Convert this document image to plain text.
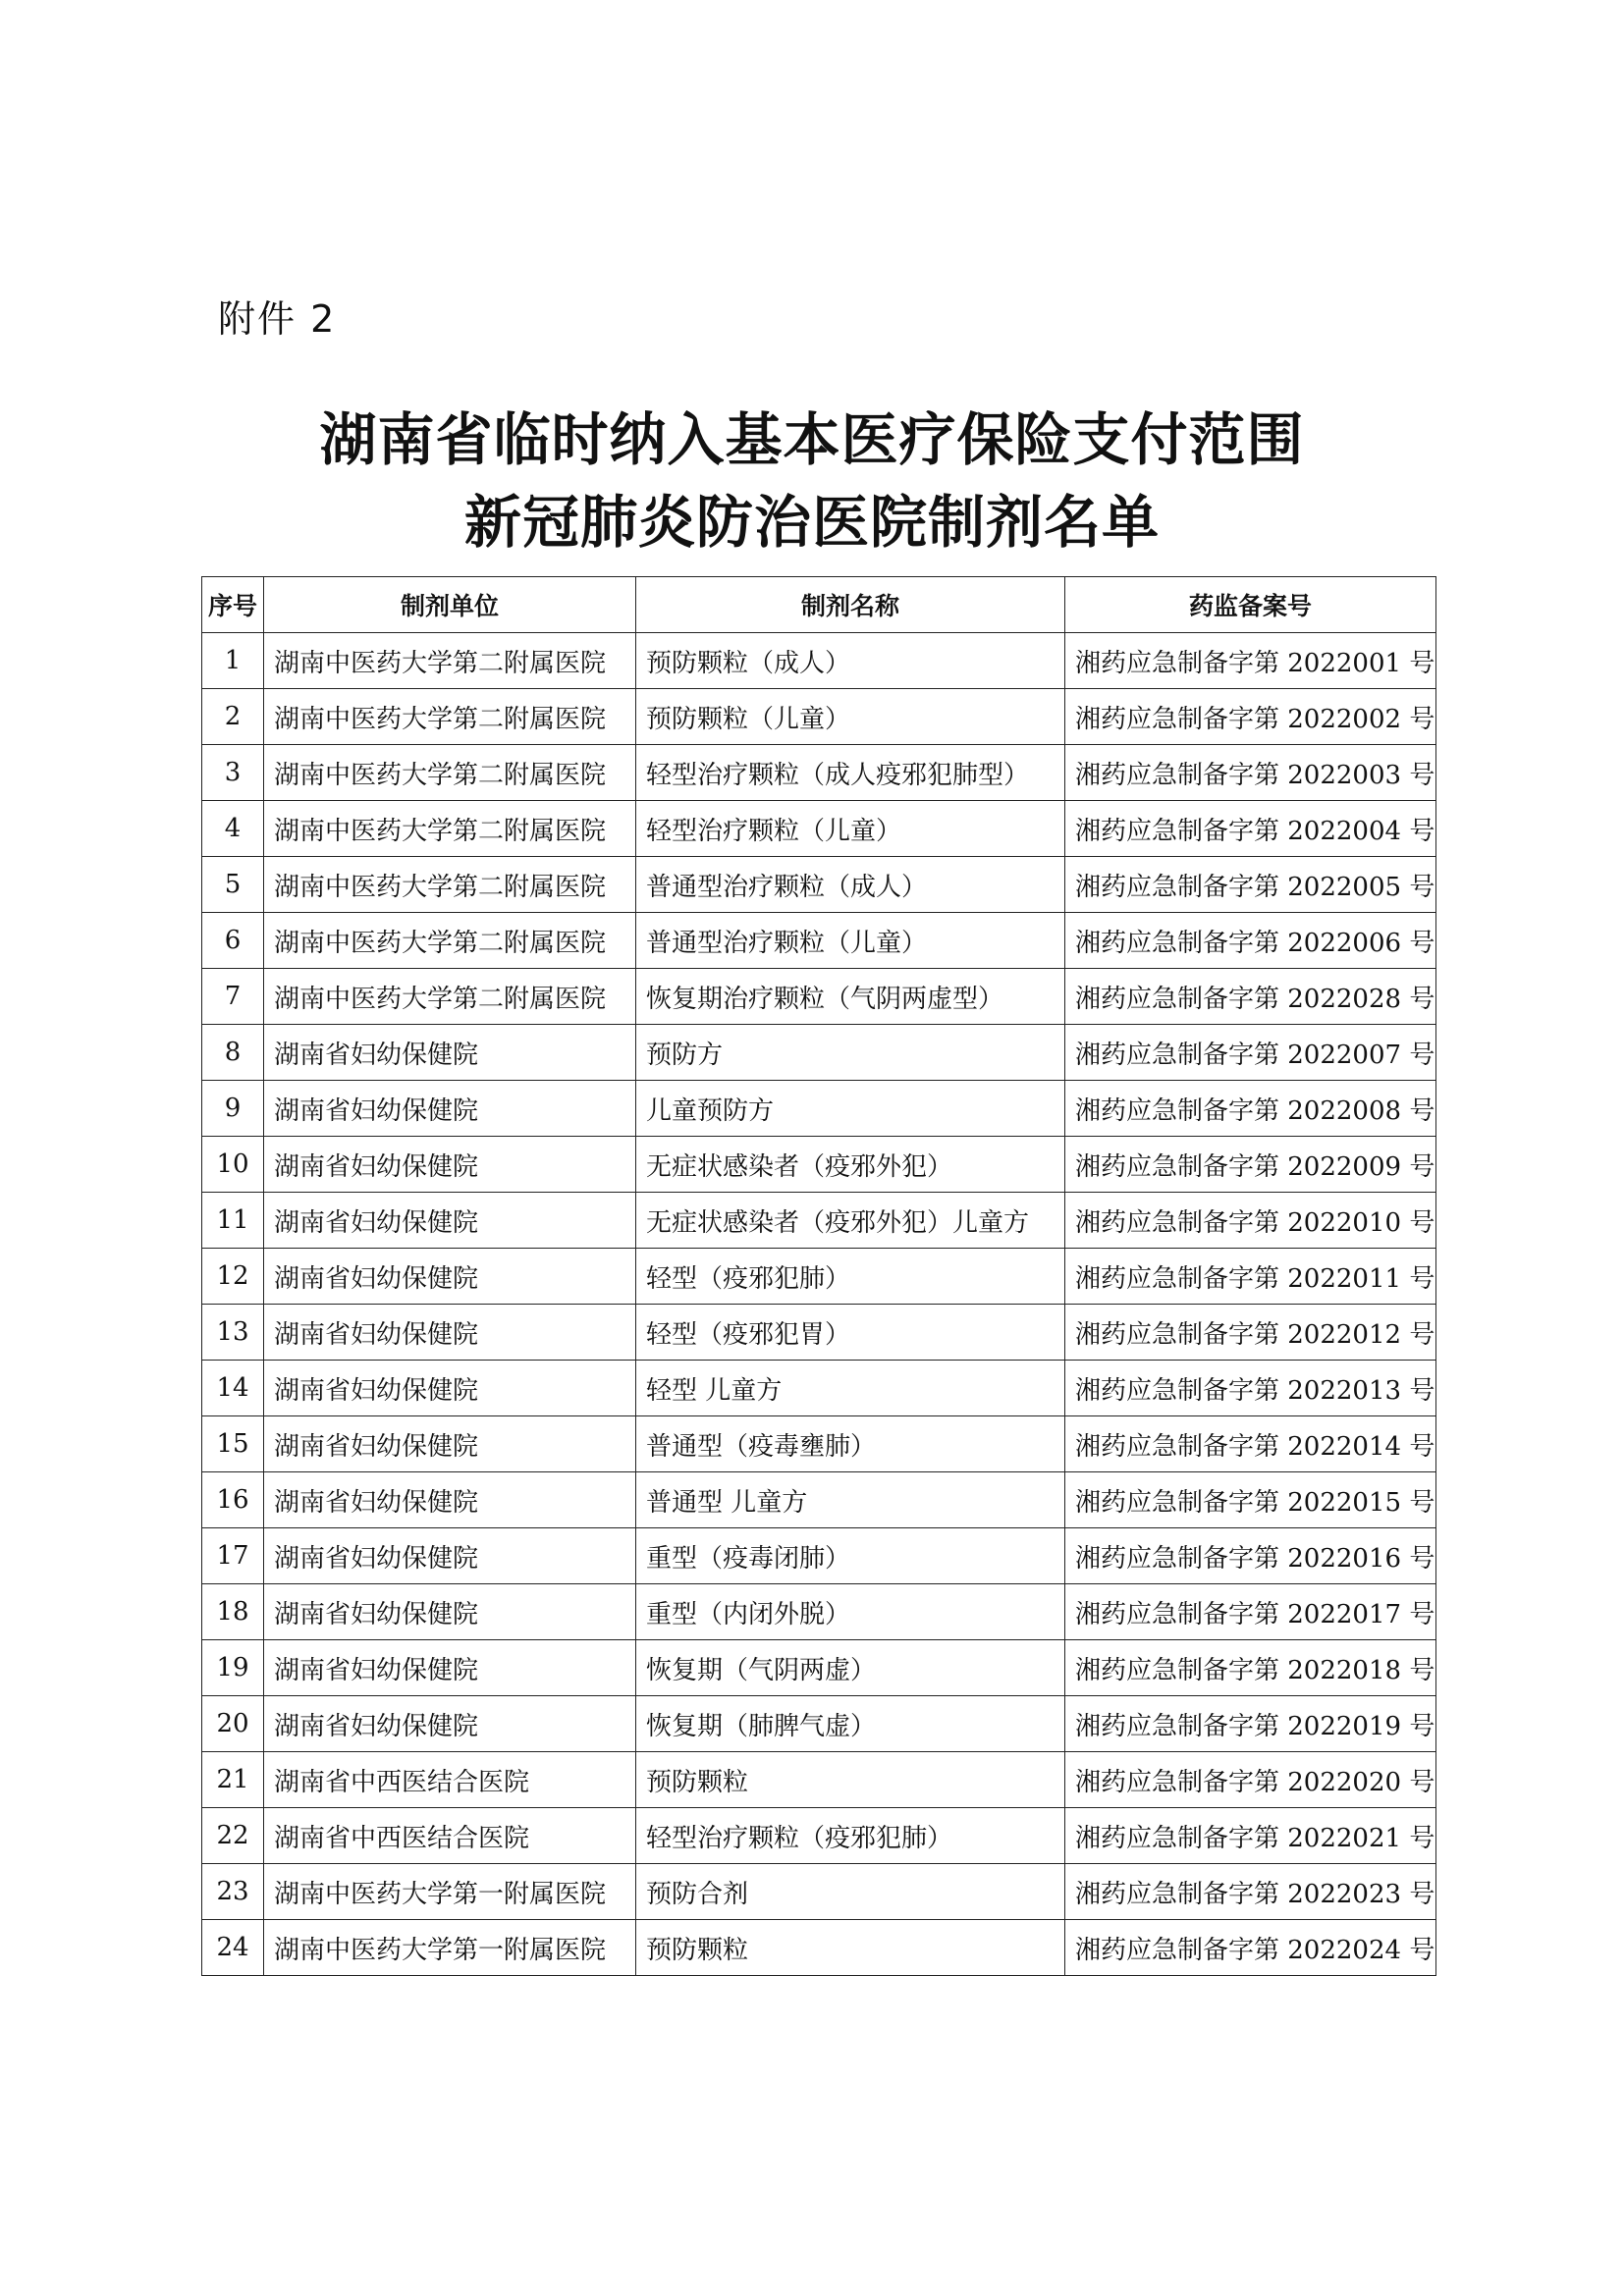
附件 2

湖南省临时纳入基本医疗保险支付范围
新冠肺炎防治医院制剂名单
序号	制剂单位	制剂名称	药监备案号
1	湖南中医药大学第二附属医院	预防颗粒（成人）	湘药应急制备字第 2022001 号
2	湖南中医药大学第二附属医院	预防颗粒（儿童）	湘药应急制备字第 2022002 号
3	湖南中医药大学第二附属医院	轻型治疗颗粒（成人疫邪犯肺型）	湘药应急制备字第 2022003 号
4	湖南中医药大学第二附属医院	轻型治疗颗粒（儿童）	湘药应急制备字第 2022004 号
5	湖南中医药大学第二附属医院	普通型治疗颗粒（成人）	湘药应急制备字第 2022005 号
6	湖南中医药大学第二附属医院	普通型治疗颗粒（儿童）	湘药应急制备字第 2022006 号
7	湖南中医药大学第二附属医院	恢复期治疗颗粒（气阴两虚型）	湘药应急制备字第 2022028 号
8	湖南省妇幼保健院	预防方	湘药应急制备字第 2022007 号
9	湖南省妇幼保健院	儿童预防方	湘药应急制备字第 2022008 号
10	湖南省妇幼保健院	无症状感染者（疫邪外犯）	湘药应急制备字第 2022009 号
11	湖南省妇幼保健院	无症状感染者（疫邪外犯）儿童方	湘药应急制备字第 2022010 号
12	湖南省妇幼保健院	轻型（疫邪犯肺）	湘药应急制备字第 2022011 号
13	湖南省妇幼保健院	轻型（疫邪犯胃）	湘药应急制备字第 2022012 号
14	湖南省妇幼保健院	轻型 儿童方	湘药应急制备字第 2022013 号
15	湖南省妇幼保健院	普通型（疫毒壅肺）	湘药应急制备字第 2022014 号
16	湖南省妇幼保健院	普通型 儿童方	湘药应急制备字第 2022015 号
17	湖南省妇幼保健院	重型（疫毒闭肺）	湘药应急制备字第 2022016 号
18	湖南省妇幼保健院	重型（内闭外脱）	湘药应急制备字第 2022017 号
19	湖南省妇幼保健院	恢复期（气阴两虚）	湘药应急制备字第 2022018 号
20	湖南省妇幼保健院	恢复期（肺脾气虚）	湘药应急制备字第 2022019 号
21	湖南省中西医结合医院	预防颗粒	湘药应急制备字第 2022020 号
22	湖南省中西医结合医院	轻型治疗颗粒（疫邪犯肺）	湘药应急制备字第 2022021 号
23	湖南中医药大学第一附属医院	预防合剂	湘药应急制备字第 2022023 号
24	湖南中医药大学第一附属医院	预防颗粒	湘药应急制备字第 2022024 号
